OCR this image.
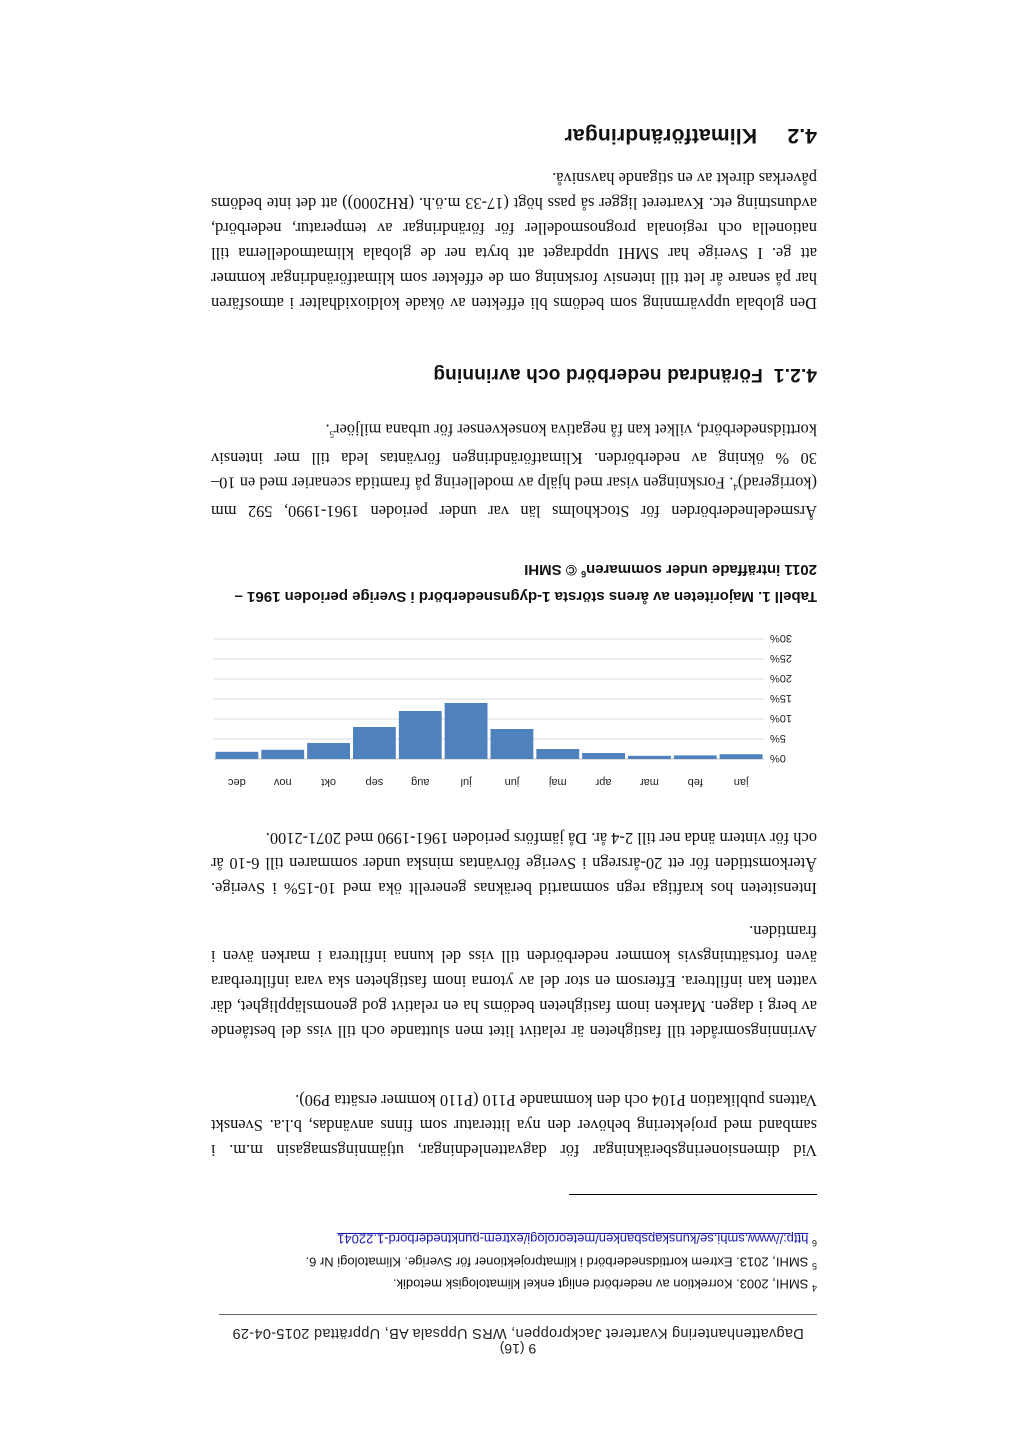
9 (16)
Dagvattenhantering Kvarteret Jackproppen, WRS Uppsala AB, Upprättad 2015-04-29
4.2     Klimatförändringar

Den globala uppvärmning som bedöms bli effekten av ökade koldioxidhalter i atmosfären har på senare år lett till intensiv forskning om de effekter som klimatförändringar kommer att ge. I Sverige har SMHI uppdraget att bryta ner de globala klimatmodellerna till nationella och regionala prognosmodeller för förändringar av temperatur, nederbörd, avdunstning etc. Kvarteret ligger så pass högt (17-33 m.ö.h. (RH2000)) att det inte bedöms påverkas direkt av en stigande havsnivå.

4.2.1  Förändrad nederbörd och avrinning

Årsmedelnederbörden för Stockholms län var under perioden 1961-1990, 592 mm (korrigerad)$^4$. Forskningen visar med hjälp av modellering på framtida scenarier med en 10–30 % ökning av nederbörden. Klimatförändringen förväntas leda till mer intensiv korttidsnederbörd, vilket kan få negativa konsekvenser för urbana miljöer$^5$.

Tabell 1. Majoriteten av årens största 1-dygnsnederbörd i Sverige perioden 1961 – 2011 inträffade under sommaren$^6$ © SMHI
0%
5%
10%
15%
20%
25%
30%
jan
feb
mar
apr
maj
jun
jul
aug
sep
okt
nov
dec

Intensiteten hos kraftiga regn sommartid beräknas generellt öka med 10-15% i Sverige. Återkomsttiden för ett 20-årsregn i Sverige förväntas minska under sommaren till 6-10 år och för vintern ända ner till 2-4 år. Då jämförs perioden 1961-1990 med 2071-2100.

Avrinningsområdet till fastigheten är relativt litet men sluttande och till viss del bestående av berg i dagen. Marken inom fastigheten bedöms ha en relativt god genomsläpplighet, där vatten kan infiltrera. Eftersom en stor del av ytorna inom fastigheten ska vara infiltrerbara även fortsättningsvis kommer nederbörden till viss del kunna infiltrera i marken även i framtiden.

Vid dimensioneringsberäkningar för dagvattenledningar, utjämningsmagasin m.m. i samband med projektering behöver den nya litteratur som finns användas, b.l.a. Svenskt Vattens publikation P104 och den kommande P110 (P110 kommer ersätta P90).

$^4$ SMHI, 2003. Korrektion av nederbörd enligt enkel klimatologisk metodik.
$^5$ SMHI, 2013. Extrem korttidsnederbörd i klimatprojektioner för Sverige. Klimatologi Nr 6.
$^6$ http://www.smhi.se/kunskapsbanken/meteorologi/extrem-punktnederbord-1.22041
